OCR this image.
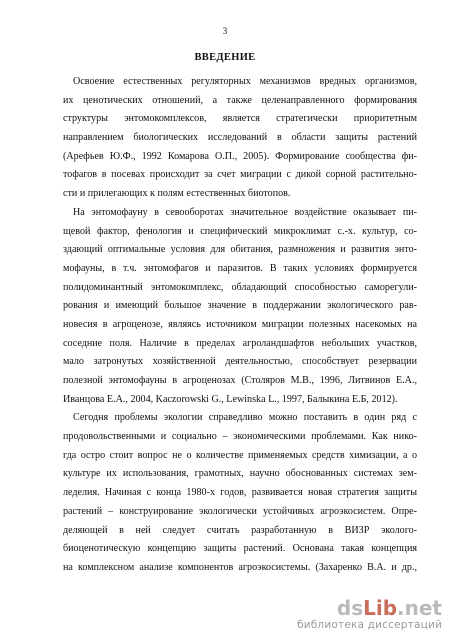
3
ВВЕДЕНИЕ
Освоение естественных регуляторных механизмов вредных организмов,
их ценотических отношений, а также целенаправленного формирования
структуры энтомокомплексов, является стратегически приоритетным
направлением биологических исследований в области защиты растений
(Арефьев Ю.Ф., 1992 Комарова О.П., 2005). Формирование сообщества фи-
тофагов в посевах происходит за счет миграции с дикой сорной растительно-
сти и прилегающих к полям естественных биотопов.
На энтомофауну в севооборотах значительное воздействие оказывает пи-
щевой фактор, фенология и специфический микроклимат с.-х. культур, со-
здающий оптимальные условия для обитания, размножения и развития энто-
мофауны, в т.ч. энтомофагов и паразитов. В таких условиях формируется
полидоминантный энтомокомплекс, обладающий способностью саморегули-
рования и имеющий большое значение в поддержании экологического рав-
новесия в агроценозе, являясь источником миграции полезных насекомых на
соседние поля. Наличие в пределах агроландшафтов небольших участков,
мало затронутых хозяйственной деятельностью, способствует резервации
полезной энтомофауны в агроценозах (Столяров М.В., 1996, Литвинов Е.А.,
Иванцова Е.А., 2004, Kaczorowski G., Lewinska L., 1997, Балыкина Е.Б, 2012).
Сегодня проблемы экологии справедливо можно поставить в один ряд с
продовольственными и социально – экономическими проблемами. Как нико-
гда остро стоит вопрос не о количестве применяемых средств химизации, а о
культуре их использования, грамотных, научно обоснованных системах зем-
леделия. Начиная с конца 1980-х годов, развивается новая стратегия защиты
растений – конструирование экологически устойчивых агроэкосистем. Опре-
деляющей в ней следует считать разработанную в ВИЗР эколого-
биоценотическую концепцию защиты растений. Основана такая концепция
на комплексном анализе компонентов агроэкосистемы. (Захаренко В.А. и др.,
dsLib.net
библиотека диссертаций
